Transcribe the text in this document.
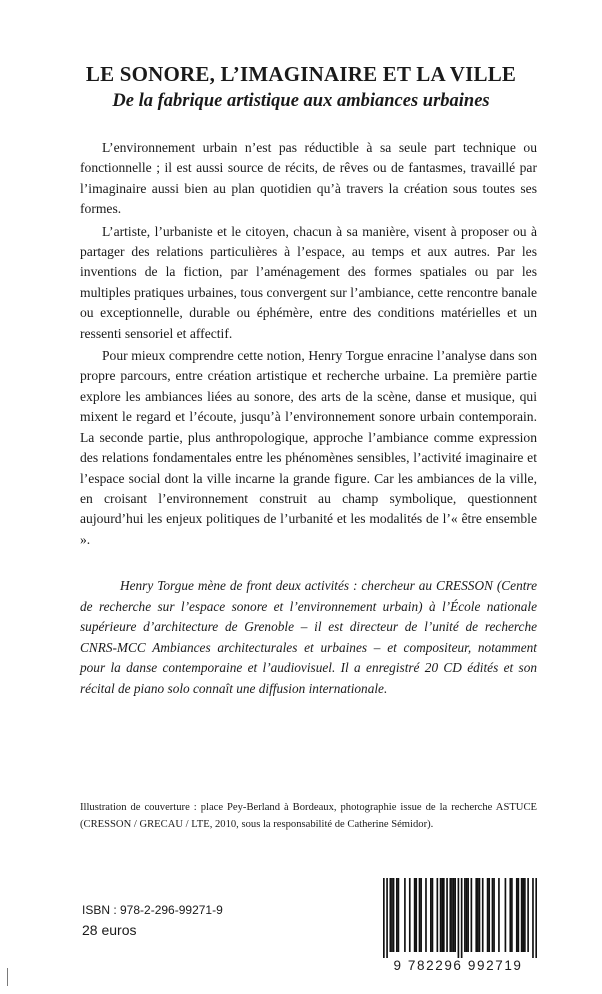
LE SONORE, L’IMAGINAIRE ET LA VILLE
De la fabrique artistique aux ambiances urbaines

L’environnement urbain n’est pas réductible à sa seule part technique ou fonctionnelle ; il est aussi source de récits, de rêves ou de fantasmes, travaillé par l’imaginaire aussi bien au plan quotidien qu’à travers la création sous toutes ses formes.

L’artiste, l’urbaniste et le citoyen, chacun à sa manière, visent à proposer ou à partager des relations particulières à l’espace, au temps et aux autres. Par les inventions de la fiction, par l’aménagement des formes spatiales ou par les multiples pratiques urbaines, tous convergent sur l’ambiance, cette rencontre banale ou exceptionnelle, durable ou éphémère, entre des conditions matérielles et un ressenti sensoriel et affectif.

Pour mieux comprendre cette notion, Henry Torgue enracine l’analyse dans son propre parcours, entre création artistique et recherche urbaine. La première partie explore les ambiances liées au sonore, des arts de la scène, danse et musique, qui mixent le regard et l’écoute, jusqu’à l’environnement sonore urbain contemporain. La seconde partie, plus anthropologique, approche l’ambiance comme expression des relations fondamentales entre les phénomènes sensibles, l’activité imaginaire et l’espace social dont la ville incarne la grande figure. Car les ambiances de la ville, en croisant l’environnement construit au champ symbolique, questionnent aujourd’hui les enjeux politiques de l’urbanité et les modalités de l’« être ensemble ».

Henry Torgue mène de front deux activités : chercheur au CRESSON (Centre de recherche sur l’espace sonore et l’environnement urbain) à l’École nationale supérieure d’architecture de Grenoble – il est directeur de l’unité de recherche CNRS-MCC Ambiances architecturales et urbaines – et compositeur, notamment pour la danse contemporaine et l’audiovisuel. Il a enregistré 20 CD édités et son récital de piano solo connaît une diffusion internationale.

Illustration de couverture : place Pey-Berland à Bordeaux, photographie issue de la recherche ASTUCE (CRESSON / GRECAU / LTE, 2010, sous la responsabilité de Catherine Sémidor).

ISBN : 978-2-296-99271-9

28 euros

9 782296 992719
